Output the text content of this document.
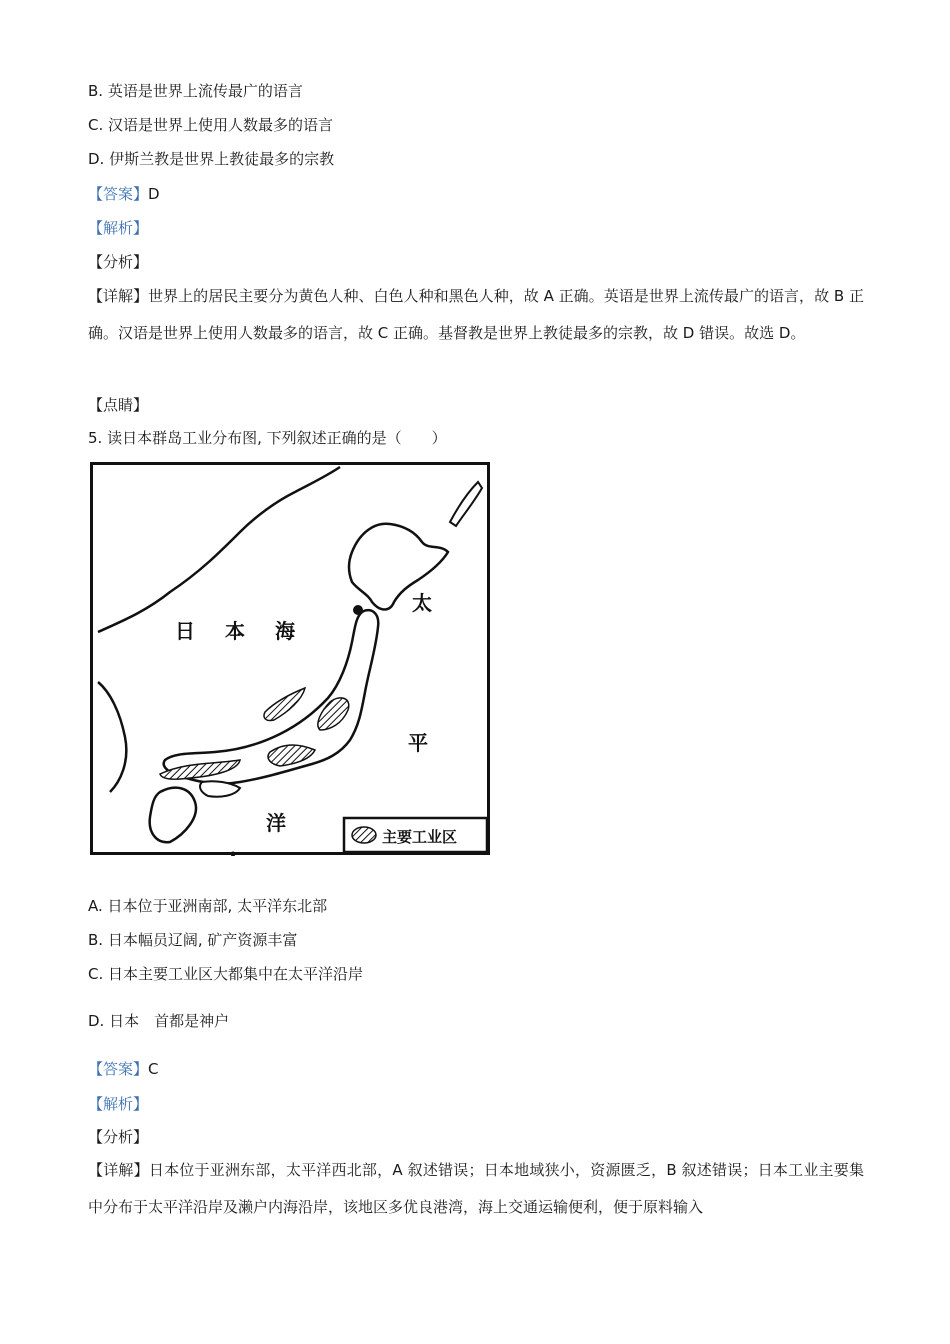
B. 英语是世界上流传最广的语言
C. 汉语是世界上使用人数最多的语言
D. 伊斯兰教是世界上教徒最多的宗教
【答案】D
【解析】
【分析】
【详解】世界上的居民主要分为黄色人种、白色人种和黑色人种，故 A 正确。英语是世界上流传最广的语言，故 B 正确。汉语是世界上使用人数最多的语言，故 C 正确。基督教是世界上教徒最多的宗教，故 D 错误。故选 D。
【点睛】
5. 读日本群岛工业分布图, 下列叙述正确的是（　　）
日 本 海
太
平
洋
主要工业区
A. 日本位于亚洲南部, 太平洋东北部
B. 日本幅员辽阔, 矿产资源丰富
C. 日本主要工业区大都集中在太平洋沿岸
D. 日本　首都是神户
【答案】C
【解析】
【分析】
【详解】日本位于亚洲东部，太平洋西北部，A 叙述错误；日本地域狭小，资源匮乏，B 叙述错误；日本工业主要集中分布于太平洋沿岸及濑户内海沿岸，该地区多优良港湾，海上交通运输便利，便于原料输入
